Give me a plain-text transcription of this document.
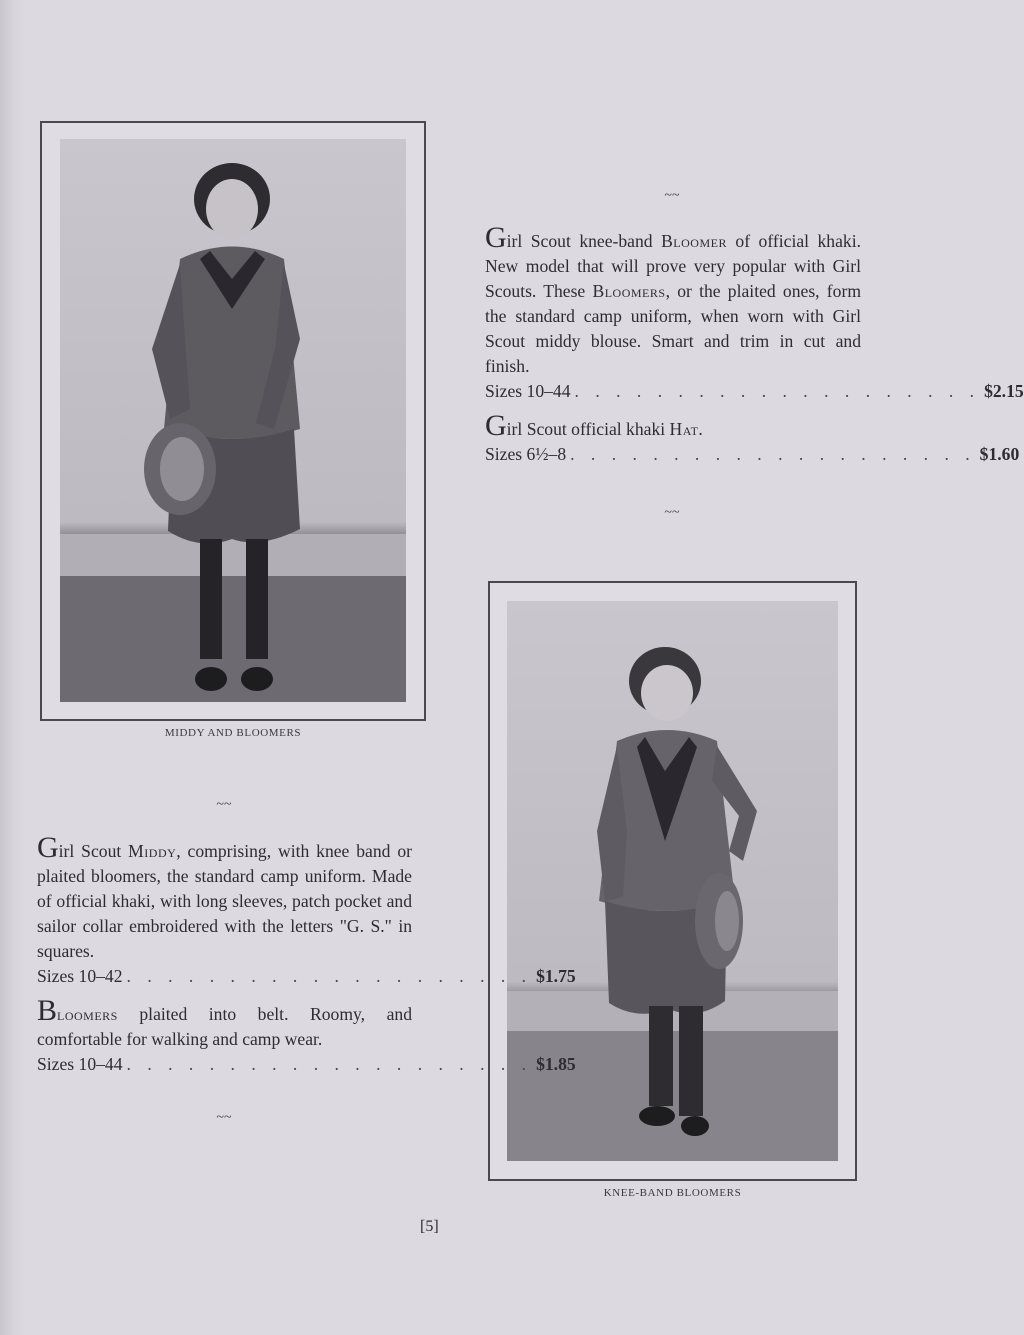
MIDDY AND BLOOMERS
KNEE-BAND BLOOMERS
~~
~~
~~
~~

Girl Scout knee-band Bloomer of official khaki. New model that will prove very popular with Girl Scouts. These Bloomers, or the plaited ones, form the standard camp uniform, when worn with Girl Scout middy blouse. Smart and trim in cut and finish.

Sizes 10–44 . . . . . . . . . . . . . . . . . . . . $2.15

Girl Scout official khaki Hat.

Sizes 6½–8 . . . . . . . . . . . . . . . . . . . . $1.60

Girl Scout Middy, comprising, with knee band or plaited bloomers, the standard camp uniform. Made of official khaki, with long sleeves, patch pocket and sailor collar embroidered with the letters "G. S." in squares.

Sizes 10–42 . . . . . . . . . . . . . . . . . . . . $1.75

Bloomers plaited into belt. Roomy, and comfortable for walking and camp wear.

Sizes 10–44 . . . . . . . . . . . . . . . . . . . . $1.85
[5]
